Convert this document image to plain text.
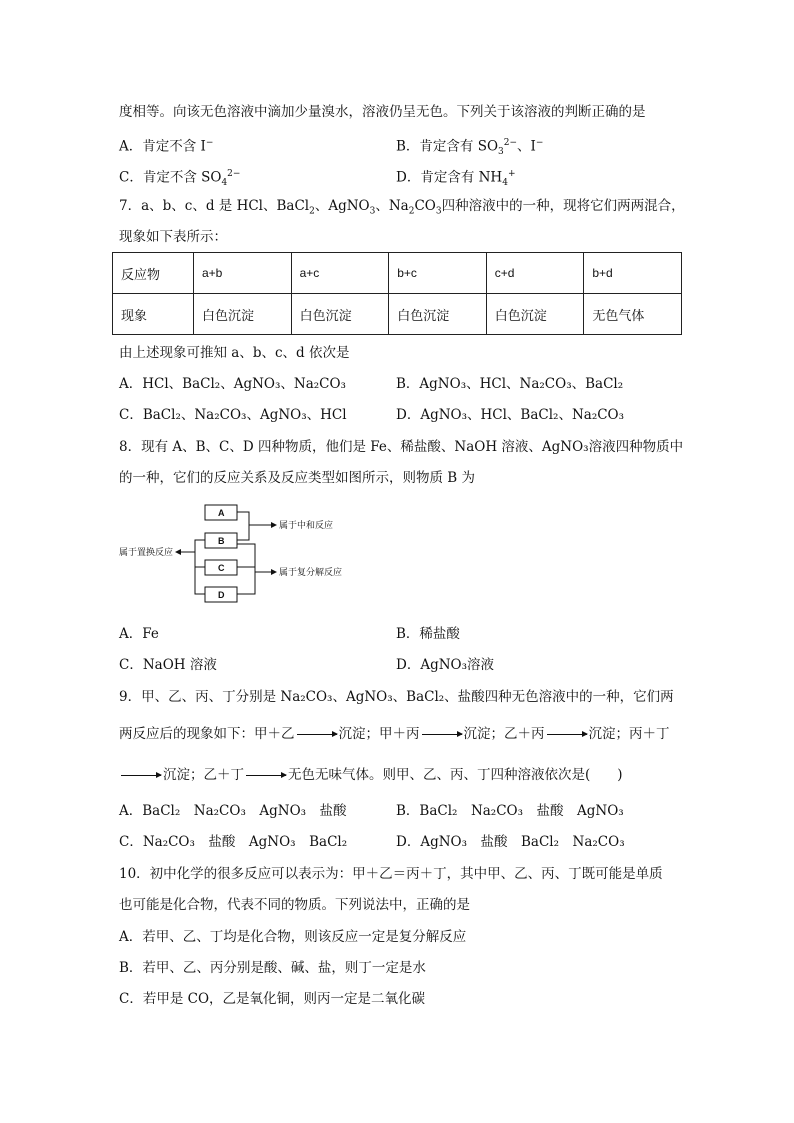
度相等。向该无色溶液中滴加少量溴水，溶液仍呈无色。下列关于该溶液的判断正确的是
A．肯定不含 I−	B．肯定含有 $SO_3^{2-}$、I−
C．肯定不含 $SO_4^{2-}$	D．肯定含有 $NH_4^+$
7．a、b、c、d 是 HCl、BaCl$_2$、AgNO$_3$、$Na_2CO_3$四种溶液中的一种，现将它们两两混合，
现象如下表所示：
反应物	a+b	a+c	b+c	c+d	b+d
现象	白色沉淀	白色沉淀	白色沉淀	白色沉淀	无色气体
由上述现象可推知 a、b、c、d 依次是
A．HCl、BaCl₂、AgNO₃、Na₂CO₃	B．AgNO₃、HCl、Na₂CO₃、BaCl₂
C．BaCl₂、Na₂CO₃、AgNO₃、HCl	D．AgNO₃、HCl、BaCl₂、Na₂CO₃
8．现有 A、B、C、D 四种物质，他们是 Fe、稀盐酸、NaOH 溶液、AgNO₃溶液四种物质中
的一种，它们的反应关系及反应类型如图所示，则物质 B 为
A
B
C
D
属于中和反应
属于复分解反应
属于置换反应
A．Fe	B．稀盐酸
C．NaOH 溶液	D．AgNO₃溶液
9．甲、乙、丙、丁分别是 Na₂CO₃、AgNO₃、BaCl₂、盐酸四种无色溶液中的一种，它们两
两反应后的现象如下：甲＋乙	沉淀；甲＋丙	沉淀；乙＋丙	沉淀；丙＋丁
沉淀；乙＋丁	无色无味气体。则甲、乙、丙、丁四种溶液依次是(　　)
A．BaCl₂　Na₂CO₃　AgNO₃　盐酸	B．BaCl₂　Na₂CO₃　盐酸　AgNO₃
C．Na₂CO₃　盐酸　AgNO₃　BaCl₂	D．AgNO₃　盐酸　BaCl₂　Na₂CO₃
10．初中化学的很多反应可以表示为：甲＋乙＝丙＋丁，其中甲、乙、丙、丁既可能是单质
也可能是化合物，代表不同的物质。下列说法中，正确的是
A．若甲、乙、丁均是化合物，则该反应一定是复分解反应
B．若甲、乙、丙分别是酸、碱、盐，则丁一定是水
C．若甲是 CO，乙是氧化铜，则丙一定是二氧化碳
